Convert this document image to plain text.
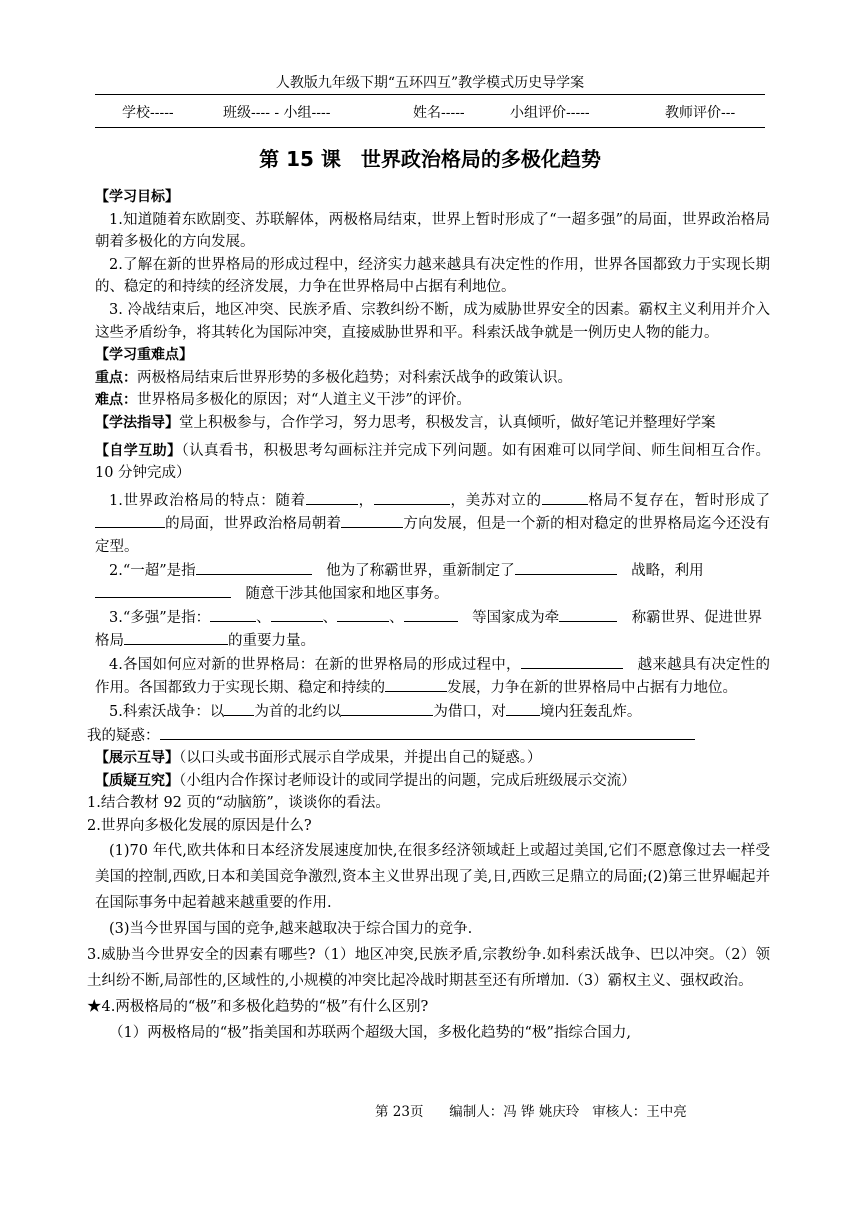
人教版九年级下期“五环四互”教学模式历史导学案
学校-----	班级---- - 小组----	姓名-----	小组评价-----	教师评价---
第 15 课　世界政治格局的多极化趋势

【学习目标】

1.知道随着东欧剧变、苏联解体，两极格局结束，世界上暂时形成了“一超多强”的局面，世界政治格局朝着多极化的方向发展。

2.了解在新的世界格局的形成过程中，经济实力越来越具有决定性的作用，世界各国都致力于实现长期的、稳定的和持续的经济发展，力争在世界格局中占据有利地位。

3. 冷战结束后，地区冲突、民族矛盾、宗教纠纷不断，成为威胁世界安全的因素。霸权主义利用并介入这些矛盾纷争，将其转化为国际冲突，直接威胁世界和平。科索沃战争就是一例历史人物的能力。

【学习重难点】

重点：两极格局结束后世界形势的多极化趋势；对科索沃战争的政策认识。

难点：世界格局多极化的原因；对“人道主义干涉”的评价。

【学法指导】堂上积极参与，合作学习，努力思考，积极发言，认真倾听，做好笔记并整理好学案

【自学互助】（认真看书，积极思考勾画标注并完成下列问题。如有困难可以同学间、师生间相互合作。10 分钟完成）

1.世界政治格局的特点：随着	，	，美苏对立的	格局不复存在，暂时形成了的局面，世界政治格局朝着	方向发展，但是一个新的相对稳定的世界格局迄今还没有定型。

2.“一超”是指	　他为了称霸世界，重新制定了	　战略，利用　随意干涉其他国家和地区事务。

3.“多强”是指：	、	、	、	　等国家成为牵	　称霸世界、促进世界格局	的重要力量。

4.各国如何应对新的世界格局：在新的世界格局的形成过程中，	　越来越具有决定性的作用。各国都致力于实现长期、稳定和持续的	发展，力争在新的世界格局中占据有力地位。

5.科索沃战争：以 为首的北约以	为借口，对 境内狂轰乱炸。

我的疑惑：

【展示互导】（以口头或书面形式展示自学成果，并提出自己的疑惑。）

【质疑互究】（小组内合作探讨老师设计的或同学提出的问题，完成后班级展示交流）

1.结合教材 92 页的“动脑筋”，谈谈你的看法。

2.世界向多极化发展的原因是什么?

(1)70 年代,欧共体和日本经济发展速度加快,在很多经济领域赶上或超过美国,它们不愿意像过去一样受美国的控制,西欧,日本和美国竞争激烈,资本主义世界出现了美,日,西欧三足鼎立的局面;(2)第三世界崛起并在国际事务中起着越来越重要的作用.

(3)当今世界国与国的竞争,越来越取决于综合国力的竞争.

3.威胁当今世界安全的因素有哪些?（1）地区冲突,民族矛盾,宗教纷争.如科索沃战争、巴以冲突。（2）领土纠纷不断,局部性的,区域性的,小规模的冲突比起冷战时期甚至还有所增加.（3）霸权主义、强权政治。

★4.两极格局的“极”和多极化趋势的“极”有什么区别?

（1）两极格局的“极”指美国和苏联两个超级大国，多极化趋势的“极”指综合国力,

第 23页 编制人：冯 铧 姚庆玲 审核人：王中亮
